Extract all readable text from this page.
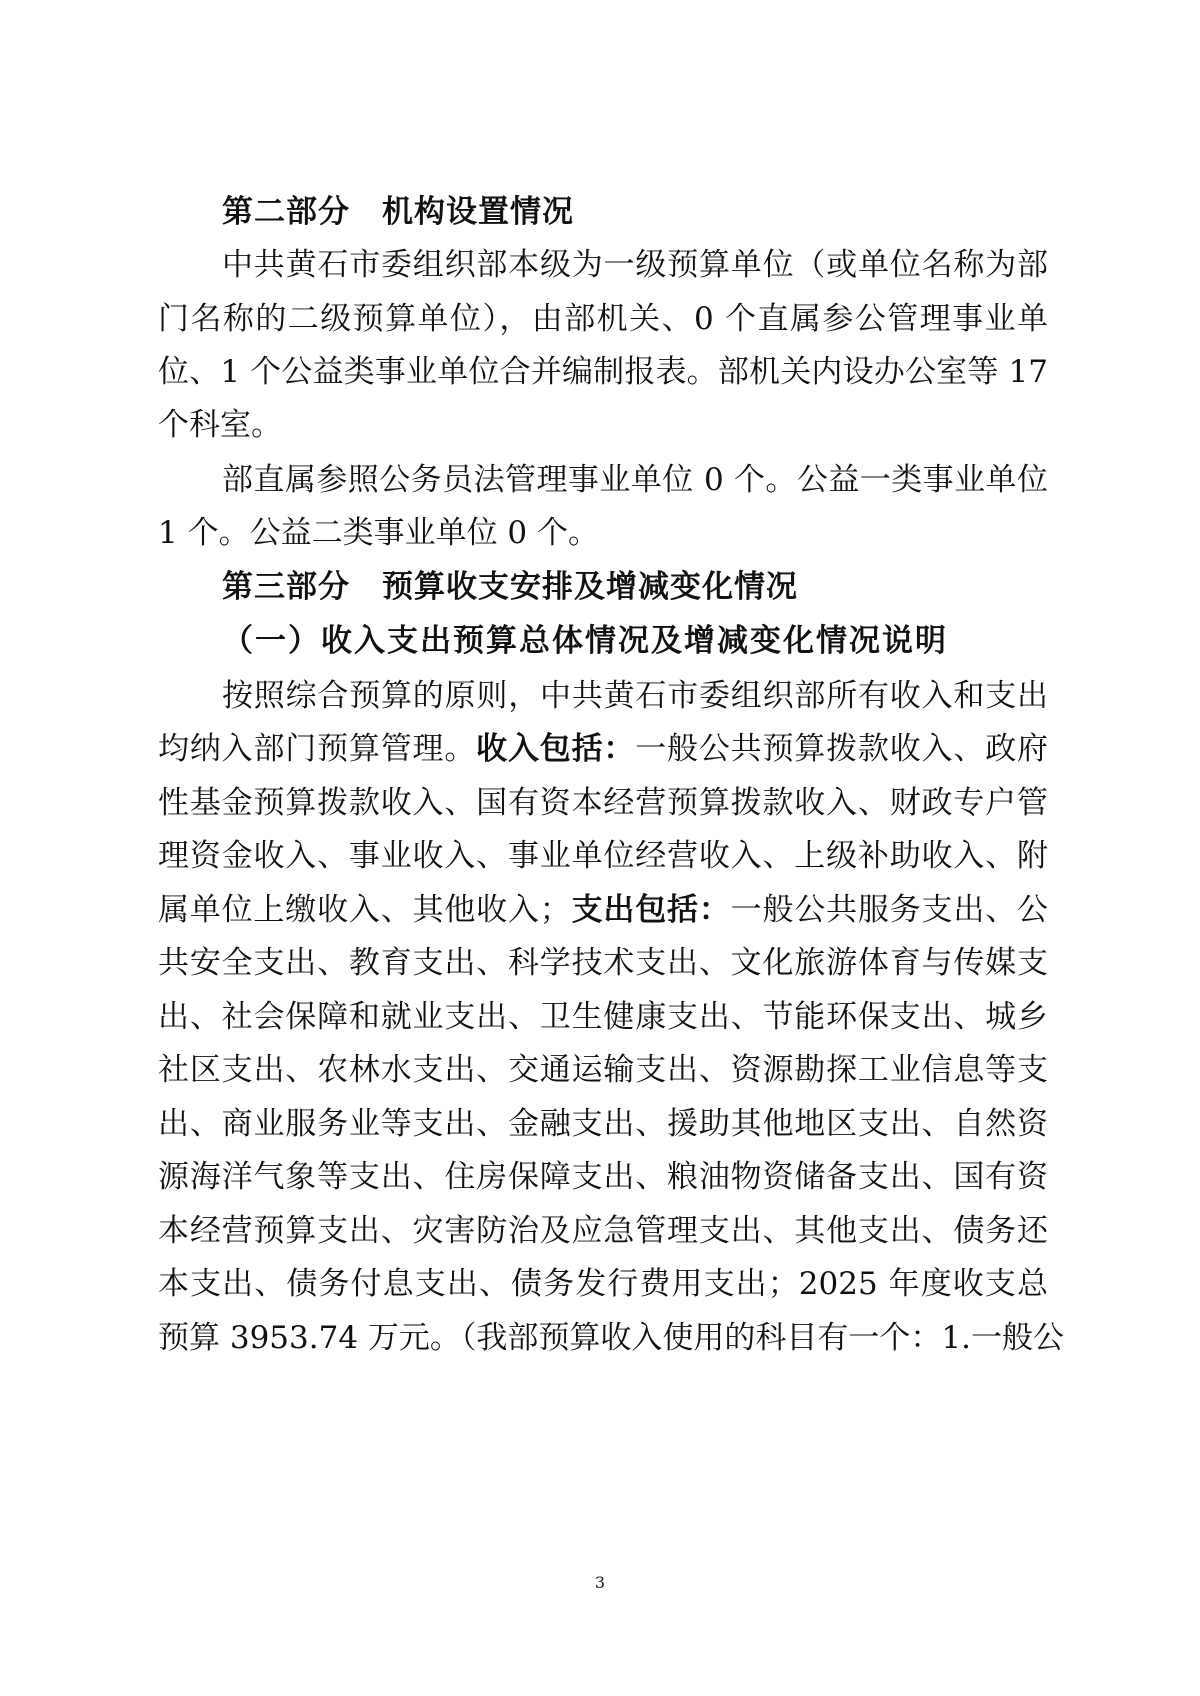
第二部分　机构设置情况

中共黄石市委组织部本级为一级预算单位（或单位名称为部

门名称的二级预算单位），由部机关、0 个直属参公管理事业单

位、1 个公益类事业单位合并编制报表。部机关内设办公室等 17

个科室。

部直属参照公务员法管理事业单位 0 个。公益一类事业单位

1 个。公益二类事业单位 0 个。

第三部分　预算收支安排及增减变化情况

（一）收入支出预算总体情况及增减变化情况说明

按照综合预算的原则，中共黄石市委组织部所有收入和支出

均纳入部门预算管理。收入包括：一般公共预算拨款收入、政府

性基金预算拨款收入、国有资本经营预算拨款收入、财政专户管

理资金收入、事业收入、事业单位经营收入、上级补助收入、附

属单位上缴收入、其他收入；支出包括：一般公共服务支出、公

共安全支出、教育支出、科学技术支出、文化旅游体育与传媒支

出、社会保障和就业支出、卫生健康支出、节能环保支出、城乡

社区支出、农林水支出、交通运输支出、资源勘探工业信息等支

出、商业服务业等支出、金融支出、援助其他地区支出、自然资

源海洋气象等支出、住房保障支出、粮油物资储备支出、国有资

本经营预算支出、灾害防治及应急管理支出、其他支出、债务还

本支出、债务付息支出、债务发行费用支出；2025 年度收支总

预算 3953.74 万元。（我部预算收入使用的科目有一个：1.一般公

3
